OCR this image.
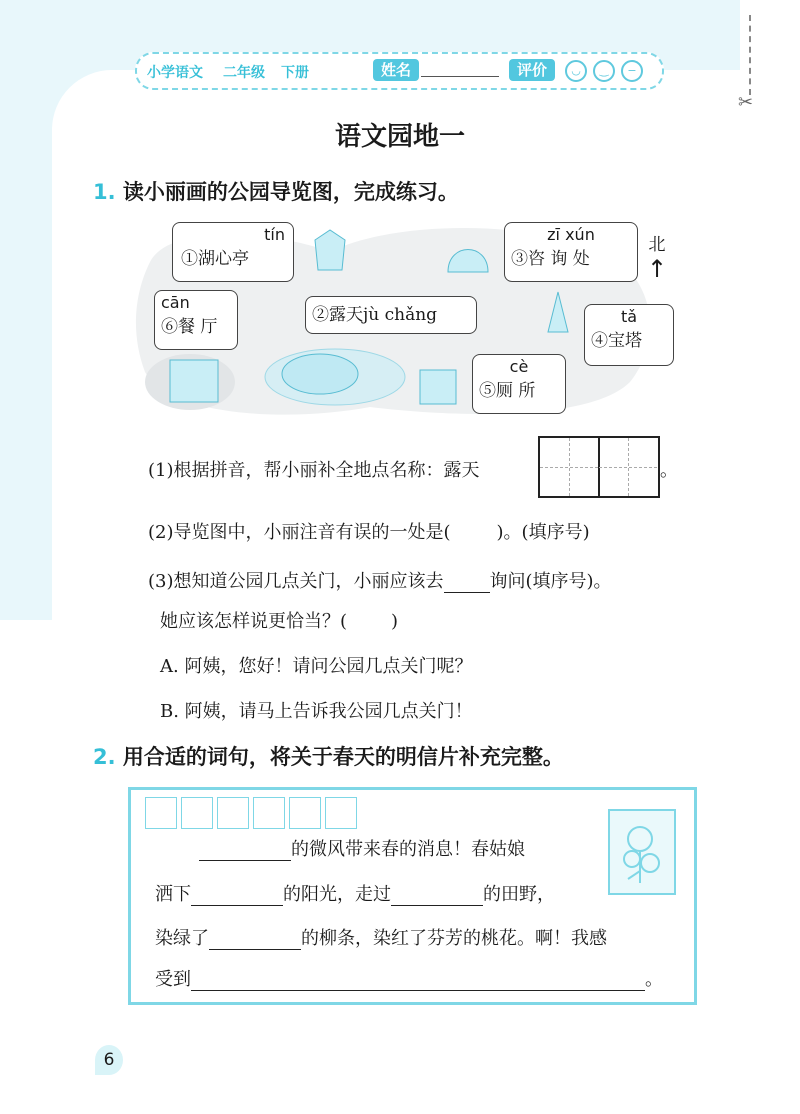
✂
小学语文 二年级 下册	姓名	评价	◡	‿	−
语文园地一
1. 读小丽画的公园导览图，完成练习。
tín
①湖心亭
zī xún
③咨 询 处
cān
⑥餐 厅
②露天jù chǎng	tǎ
④宝塔
cè
⑤厕 所
北
↑
(1)根据拼音，帮小丽补全地点名称：露天	。
(2)导览图中，小丽注音有误的一处是(	)。(填序号)
(3)想知道公园几点关门，小丽应该去	询问(填序号)。
她应该怎样说更恰当？( )
A. 阿姨，您好！请问公园几点关门呢？
B. 阿姨，请马上告诉我公园几点关门！
2. 用合适的词句，将关于春天的明信片补充完整。
的微风带来春的消息！春姑娘
洒下	的阳光，走过	的田野，
染绿了	的柳条，染红了芬芳的桃花。啊！我感
受到	。
6
